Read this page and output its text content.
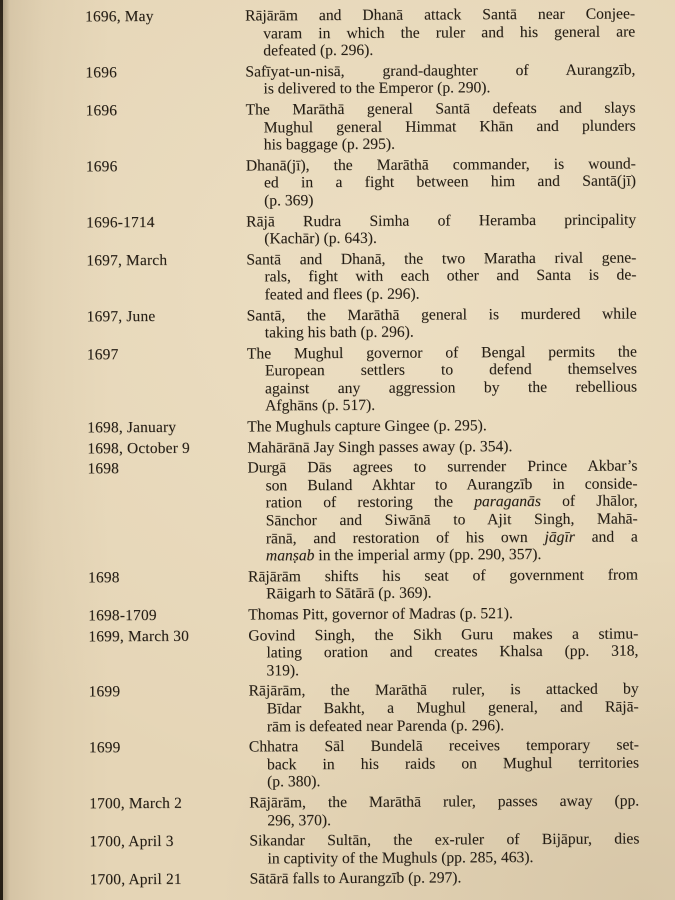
1696, May	Rājārām and Dhanā attack Santā near Conjee-
varam in which the ruler and his general are
defeated (p. 296).
1696	Safīyat-un-nisā, grand-daughter of Aurangzīb,
is delivered to the Emperor (p. 290).
1696	The Marāthā general Santā defeats and slays
Mughul general Himmat Khān and plunders
his baggage (p. 295).
1696	Dhanā(jī), the Marāthā commander, is wound-
ed in a fight between him and Santā(jī)
(p. 369)
1696-1714	Rājā Rudra Simha of Heramba principality
(Kachār) (p. 643).
1697, March	Santā and Dhanā, the two Maratha rival gene-
rals, fight with each other and Santa is de-
feated and flees (p. 296).
1697, June	Santā, the Marāthā general is murdered while
taking his bath (p. 296).
1697	The Mughul governor of Bengal permits the
European settlers to defend themselves
against any aggression by the rebellious
Afghāns (p. 517).
1698, January	The Mughuls capture Gingee (p. 295).
1698, October 9	Mahārānā Jay Singh passes away (p. 354).
1698	Durgā Dās agrees to surrender Prince Akbar’s
son Buland Akhtar to Aurangzīb in conside-
ration of restoring the paraganās of Jhālor,
Sānchor and Siwānā to Ajit Singh, Mahā-
rānā, and restoration of his own jāgīr and a
manṣab in the imperial army (pp. 290, 357).
1698	Rājārām shifts his seat of government from
Rāigarh to Sātārā (p. 369).
1698-1709	Thomas Pitt, governor of Madras (p. 521).
1699, March 30	Govind Singh, the Sikh Guru makes a stimu-
lating oration and creates Khalsa (pp. 318,
319).
1699	Rājārām, the Marāthā ruler, is attacked by
Bīdar Bakht, a Mughul general, and Rājā-
rām is defeated near Parenda (p. 296).
1699	Chhatra Sāl Bundelā receives temporary set-
back in his raids on Mughul territories
(p. 380).
1700, March 2	Rājārām, the Marāthā ruler, passes away (pp.
296, 370).
1700, April 3	Sikandar Sultān, the ex-ruler of Bijāpur, dies
in captivity of the Mughuls (pp. 285, 463).
1700, April 21	Sātārā falls to Aurangzīb (p. 297).
